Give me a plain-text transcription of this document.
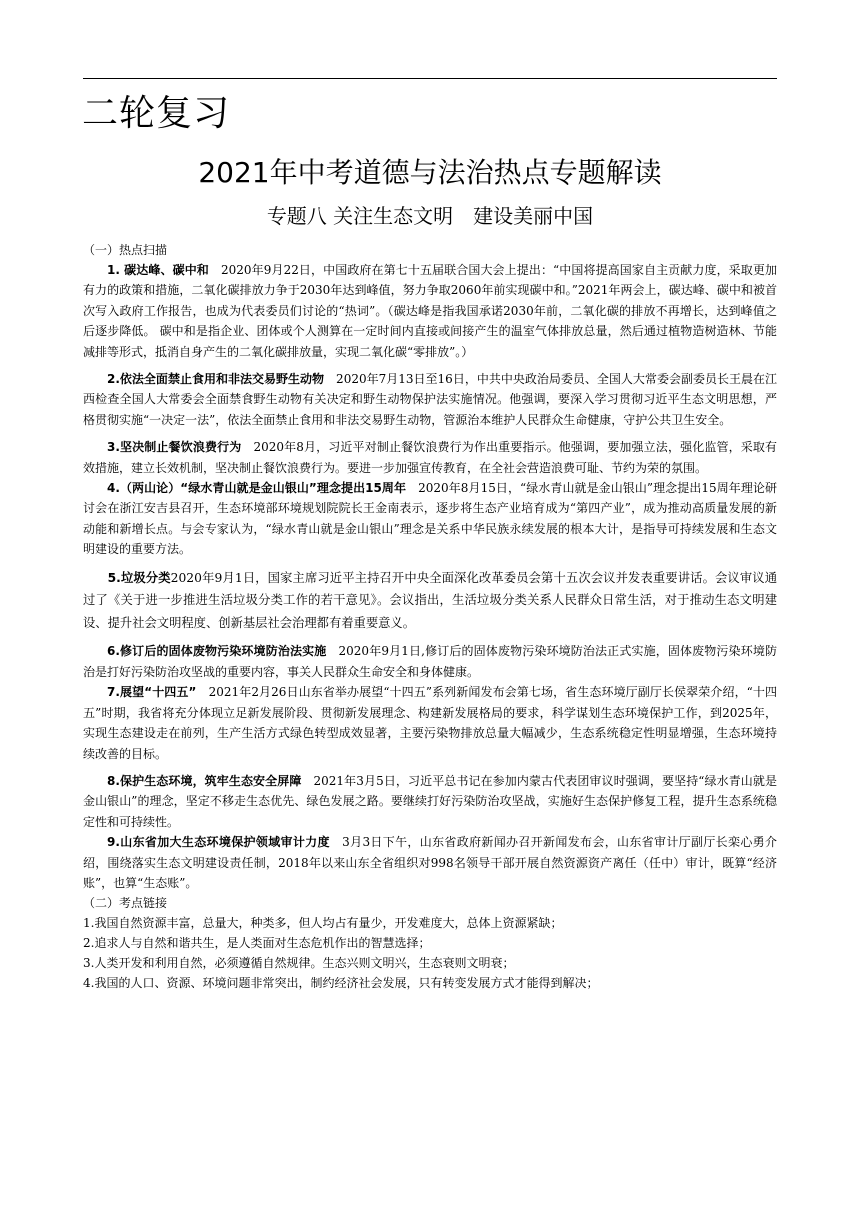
二轮复习
2021年中考道德与法治热点专题解读
专题八 关注生态文明　建设美丽中国

（一）热点扫描

1. 碳达峰、碳中和　2020年9月22日，中国政府在第七十五届联合国大会上提出：“中国将提高国家自主贡献力度，采取更加有力的政策和措施，二氧化碳排放力争于2030年达到峰值，努力争取2060年前实现碳中和。”2021年两会上，碳达峰、碳中和被首次写入政府工作报告，也成为代表委员们讨论的“热词”。（碳达峰是指我国承诺2030年前，二氧化碳的排放不再增长，达到峰值之后逐步降低。 碳中和是指企业、团体或个人测算在一定时间内直接或间接产生的温室气体排放总量，然后通过植物造树造林、节能减排等形式，抵消自身产生的二氧化碳排放量，实现二氧化碳“零排放”。）

2.依法全面禁止食用和非法交易野生动物　2020年7月13日至16日，中共中央政治局委员、全国人大常委会副委员长王晨在江西检查全国人大常委会全面禁食野生动物有关决定和野生动物保护法实施情况。他强调，要深入学习贯彻习近平生态文明思想，严格贯彻实施“一决定一法”，依法全面禁止食用和非法交易野生动物，管源治本维护人民群众生命健康，守护公共卫生安全。

3.坚决制止餐饮浪费行为　2020年8月，习近平对制止餐饮浪费行为作出重要指示。他强调，要加强立法，强化监管，采取有效措施，建立长效机制，坚决制止餐饮浪费行为。要进一步加强宣传教育，在全社会营造浪费可耻、节约为荣的氛围。

4.（两山论）“绿水青山就是金山银山”理念提出15周年　2020年8月15日，“绿水青山就是金山银山”理念提出15周年理论研讨会在浙江安吉县召开，生态环境部环境规划院院长王金南表示，逐步将生态产业培育成为“第四产业”，成为推动高质量发展的新动能和新增长点。与会专家认为，“绿水青山就是金山银山”理念是关系中华民族永续发展的根本大计，是指导可持续发展和生态文明建设的重要方法。

5.垃圾分类2020年9月1日，国家主席习近平主持召开中央全面深化改革委员会第十五次会议并发表重要讲话。会议审议通过了《关于进一步推进生活垃圾分类工作的若干意见》。会议指出，生活垃圾分类关系人民群众日常生活，对于推动生态文明建设、提升社会文明程度、创新基层社会治理都有着重要意义。

6.修订后的固体废物污染环境防治法实施　2020年9月1日,修订后的固体废物污染环境防治法正式实施，固体废物污染环境防治是打好污染防治攻坚战的重要内容，事关人民群众生命安全和身体健康。

7.展望“十四五”　2021年2月26日山东省举办展望“十四五”系列新闻发布会第七场，省生态环境厅副厅长侯翠荣介绍，“十四五”时期，我省将充分体现立足新发展阶段、贯彻新发展理念、构建新发展格局的要求，科学谋划生态环境保护工作，到2025年，实现生态建设走在前列，生产生活方式绿色转型成效显著，主要污染物排放总量大幅减少，生态系统稳定性明显增强，生态环境持续改善的目标。

8.保护生态环境，筑牢生态安全屏障　2021年3月5日，习近平总书记在参加内蒙古代表团审议时强调，要坚持“绿水青山就是金山银山”的理念，坚定不移走生态优先、绿色发展之路。要继续打好污染防治攻坚战，实施好生态保护修复工程，提升生态系统稳定性和可持续性。

9.山东省加大生态环境保护领域审计力度　3月3日下午，山东省政府新闻办召开新闻发布会，山东省审计厅副厅长栾心勇介绍，围绕落实生态文明建设责任制，2018年以来山东全省组织对998名领导干部开展自然资源资产离任（任中）审计，既算“经济账”，也算“生态账”。

（二）考点链接

1.我国自然资源丰富，总量大，种类多，但人均占有量少，开发难度大，总体上资源紧缺；

2.追求人与自然和谐共生，是人类面对生态危机作出的智慧选择；

3.人类开发和利用自然，必须遵循自然规律。生态兴则文明兴，生态衰则文明衰；

4.我国的人口、资源、环境问题非常突出，制约经济社会发展，只有转变发展方式才能得到解决；
